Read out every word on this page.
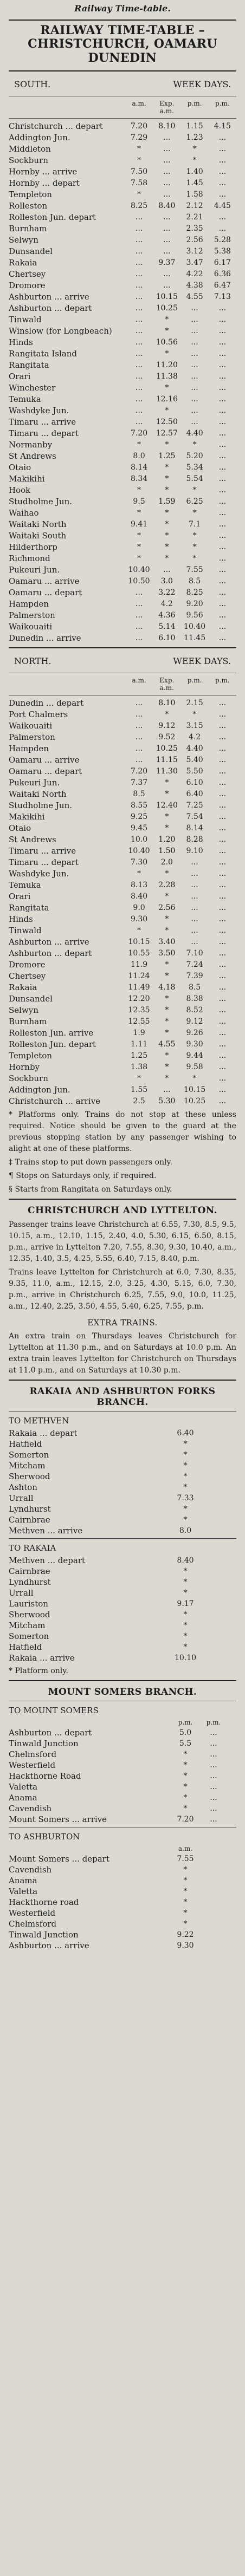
Railway Time-table.
RAILWAY TIME-TABLE – CHRISTCHURCH, OAMARU DUNEDIN
SOUTH.	WEEK DAYS.
a.m.	Exp. a.m.
p.m.	p.m.
Christchurch ... depart	7.20	8.10	1.15	4.15
Addington Jun.	7.29	...	1.23	...
Middleton	*	...	*	...
Sockburn	*	...	*	...
Hornby ... arrive	7.50	...	1.40	...
Hornby ... depart	7.58	...	1.45	...
Templeton	*	...	1.58	...
Rolleston	8.25	8.40	2.12	4.45
Rolleston Jun. depart	...	...	2.21	...
Burnham	...	...	2.35	...
Selwyn	...	...	2.56	5.28
Dunsandel	...	...	3.12	5.38
Rakaia	...	9.37	3.47	6.17
Chertsey	...	...	4.22	6.36
Dromore	...	...	4.38	6.47
Ashburton ... arrive	...	10.15	4.55	7.13
Ashburton ... depart	...	10.25	...	...
Tinwald	...	*	...	...
Winslow (for Longbeach)	...	*	...	...
Hinds	...	10.56	...	...
Rangitata Island	...	*	...	...
Rangitata	...	11.20	...	...
Orari	...	11.38	...	...
Winchester	...	*	...	...
Temuka	...	12.16	...	...
Washdyke Jun.	...	*	...	...
Timaru ... arrive	...	12.50	...	...
Timaru ... depart	7.20	12.57	4.40	...
Normanby	*	*	*	...
St Andrews	8.0	1.25	5.20	...
Otaio	8.14	*	5.34	...
Makikihi	8.34	*	5.54	...
Hook	*	*	*	...
Studholme Jun.	9.5	1.59	6.25	...
Waihao	*	*	*	...
Waitaki North	9.41	*	7.1	...
Waitaki South	*	*	*	...
Hilderthorp	*	*	*	...
Richmond	*	*	*	...
Pukeuri Jun.	10.40	...	7.55	...
Oamaru ... arrive	10.50	3.0	8.5	...
Oamaru ... depart	...	3.22	8.25	...
Hampden	...	4.2	9.20	...
Palmerston	...	4.36	9.56	...
Waikouaiti	...	5.14	10.40	...
Dunedin ... arrive	...	6.10	11.45	...
NORTH.	WEEK DAYS.
a.m.	Exp. a.m.
p.m.	p.m.
Dunedin ... depart	...	8.10	2.15	...
Port Chalmers	...	*	*	...
Waikouaiti	...	9.12	3.15	...
Palmerston	...	9.52	4.2	...
Hampden	...	10.25	4.40	...
Oamaru ... arrive	...	11.15	5.40	...
Oamaru ... depart	7.20	11.30	5.50	...
Pukeuri Jun.	7.37	*	6.10	...
Waitaki North	8.5	*	6.40	...
Studholme Jun.	8.55	12.40	7.25	...
Makikihi	9.25	*	7.54	...
Otaio	9.45	*	8.14	...
St Andrews	10.0	1.20	8.28	...
Timaru ... arrive	10.40	1.50	9.10	...
Timaru ... depart	7.30	2.0	...	...
Washdyke Jun.	*	*	...	...
Temuka	8.13	2.28	...	...
Orari	8.40	*	...	...
Rangitata	9.0	2.56	...	...
Hinds	9.30	*	...	...
Tinwald	*	*	...	...
Ashburton ... arrive	10.15	3.40	...	...
Ashburton ... depart	10.55	3.50	7.10	...
Dromore	11.9	*	7.24	...
Chertsey	11.24	*	7.39	...
Rakaia	11.49	4.18	8.5	...
Dunsandel	12.20	*	8.38	...
Selwyn	12.35	*	8.52	...
Burnham	12.55	*	9.12	...
Rolleston Jun. arrive	1.9	*	9.26	...
Rolleston Jun. depart	1.11	4.55	9.30	...
Templeton	1.25	*	9.44	...
Hornby	1.38	*	9.58	...
Sockburn	*	*	*	...
Addington Jun.	1.55	...	10.15	...
Christchurch ... arrive	2.5	5.30	10.25	...

* Platforms only. Trains do not stop at these unless required. Notice should be given to the guard at the previous stopping station by any passenger wishing to alight at one of these platforms.

‡ Trains stop to put down passengers only.

¶ Stops on Saturdays only, if required.

§ Starts from Rangitata on Saturdays only.

CHRISTCHURCH AND LYTTELTON.

Passenger trains leave Christchurch at 6.55, 7.30, 8.5, 9.5, 10.15, a.m., 12.10, 1.15, 2.40, 4.0, 5.30, 6.15, 6.50, 8.15, p.m., arrive in Lyttelton 7.20, 7.55, 8.30, 9.30, 10.40, a.m., 12.35, 1.40, 3.5, 4.25, 5.55, 6.40, 7.15, 8.40, p.m.

Trains leave Lyttelton for Christchurch at 6.0, 7.30, 8.35, 9.35, 11.0, a.m., 12.15, 2.0, 3.25, 4.30, 5.15, 6.0, 7.30, p.m., arrive in Christchurch 6.25, 7.55, 9.0, 10.0, 11.25, a.m., 12.40, 2.25, 3.50, 4.55, 5.40, 6.25, 7.55, p.m.

EXTRA TRAINS.

An extra train on Thursdays leaves Christchurch for Lyttelton at 11.30 p.m., and on Saturdays at 10.0 p.m. An extra train leaves Lyttelton for Christchurch on Thursdays at 11.0 p.m., and on Saturdays at 10.30 p.m.

RAKAIA AND ASHBURTON FORKS BRANCH.
TO METHVEN
Rakaia ... depart	6.40
Hatfield	*
Somerton	*
Mitcham	*
Sherwood	*
Ashton	*
Urrall	7.33
Lyndhurst	*
Cairnbrae	*
Methven ... arrive	8.0
TO RAKAIA
Methven ... depart	8.40
Cairnbrae	*
Lyndhurst	*
Urrall	*
Lauriston	9.17
Sherwood	*
Mitcham	*
Somerton	*
Hatfield	*
Rakaia ... arrive	10.10

* Platform only.

MOUNT SOMERS BRANCH.
TO MOUNT SOMERS
p.m.	p.m.
Ashburton ... depart	5.0	...
Tinwald Junction	5.5	...
Chelmsford	*	...
Westerfield	*	...
Hackthorne Road	*	...
Valetta	*	...
Anama	*	...
Cavendish	*	...
Mount Somers ... arrive	7.20	...
TO ASHBURTON
a.m.
Mount Somers ... depart	7.55
Cavendish	*
Anama	*
Valetta	*
Hackthorne road	*
Westerfield	*
Chelmsford	*
Tinwald Junction	9.22
Ashburton ... arrive	9.30
